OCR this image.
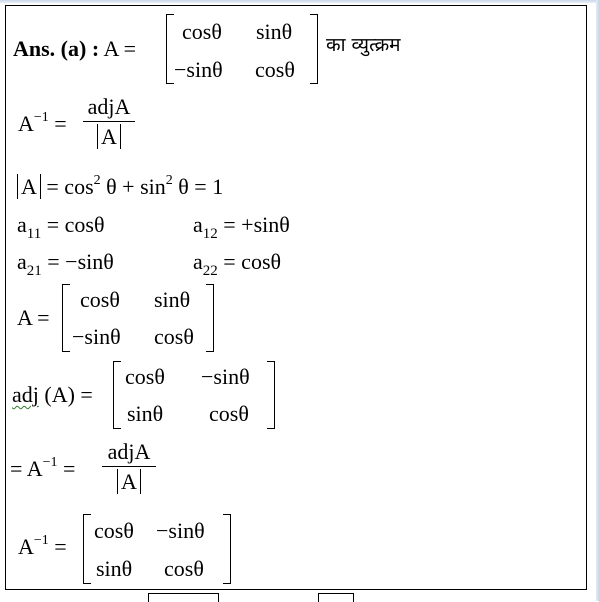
Ans. (a) : A =
cosθ sinθ
−sinθ cosθ
का व्युत्क्रम
$A^{-1}$ =
adjA
A
$A = \cos^2 \theta + \sin^2 \theta = 1$
$a_{11} = \cos\theta$	$a_{12} = +\sin\theta$
$a_{21} = -\sin\theta$	$a_{22} = \cos\theta$
A =
cosθ sinθ
−sinθ cosθ
adj (A) =
cosθ −sinθ
sinθ cosθ
= $A^{-1}$ =
adjA
A
$A^{-1}$ =
cosθ −sinθ
sinθ cosθ
